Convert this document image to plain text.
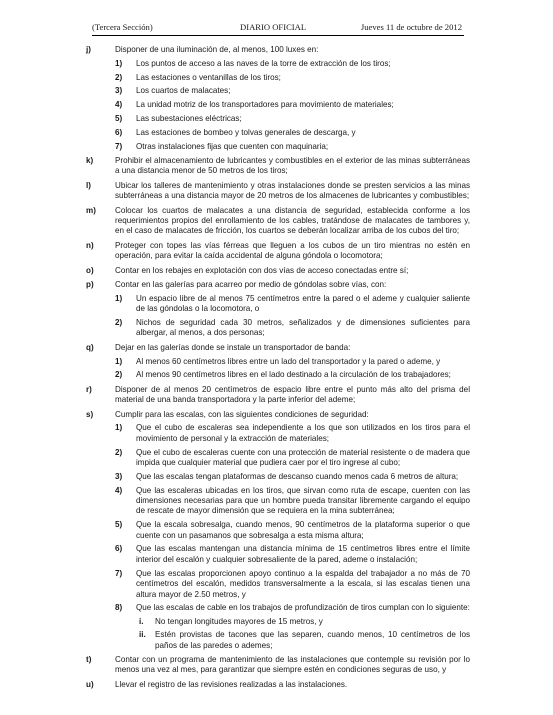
(Tercera Sección)	DIARIO OFICIAL	Jueves 11 de octubre de 2012
j)	Disponer de una iluminación de, al menos, 100 luxes en:
1) Los puntos de acceso a las naves de la torre de extracción de los tiros;
2) Las estaciones o ventanillas de los tiros;
3) Los cuartos de malacates;
4) La unidad motriz de los transportadores para movimiento de materiales;
5) Las subestaciones eléctricas;
6) Las estaciones de bombeo y tolvas generales de descarga, y
7) Otras instalaciones fijas que cuenten con maquinaria;
k)	Prohibir el almacenamiento de lubricantes y combustibles en el exterior de las minas subterráneas a una distancia menor de 50 metros de los tiros;
l)	Ubicar los talleres de mantenimiento y otras instalaciones donde se presten servicios a las minas subterráneas a una distancia mayor de 20 metros de los almacenes de lubricantes y combustibles;
m) Colocar los cuartos de malacates a una distancia de seguridad, establecida conforme a los requerimientos propios del enrollamiento de los cables, tratándose de malacates de tambores y, en el caso de malacates de fricción, los cuartos se deberán localizar arriba de los cubos del tiro;
n)	Proteger con topes las vías férreas que lleguen a los cubos de un tiro mientras no estén en operación, para evitar la caída accidental de alguna góndola o locomotora;
o)	Contar en los rebajes en explotación con dos vías de acceso conectadas entre sí;
p)	Contar en las galerías para acarreo por medio de góndolas sobre vías, con:
1) Un espacio libre de al menos 75 centímetros entre la pared o el ademe y cualquier saliente de las góndolas o la locomotora, o
2) Nichos de seguridad cada 30 metros, señalizados y de dimensiones suficientes para albergar, al menos, a dos personas;
q)	Dejar en las galerías donde se instale un transportador de banda:
1) Al menos 60 centímetros libres entre un lado del transportador y la pared o ademe, y
2) Al menos 90 centímetros libres en el lado destinado a la circulación de los trabajadores;
r)	Disponer de al menos 20 centímetros de espacio libre entre el punto más alto del prisma del material de una banda transportadora y la parte inferior del ademe;
s)	Cumplir para las escalas, con las siguientes condiciones de seguridad:
1) Que el cubo de escaleras sea independiente a los que son utilizados en los tiros para el movimiento de personal y la extracción de materiales;
2) Que el cubo de escaleras cuente con una protección de material resistente o de madera que impida que cualquier material que pudiera caer por el tiro ingrese al cubo;
3) Que las escalas tengan plataformas de descanso cuando menos cada 6 metros de altura;
4) Que las escaleras ubicadas en los tiros, que sirvan como ruta de escape, cuenten con las dimensiones necesarias para que un hombre pueda transitar libremente cargando el equipo de rescate de mayor dimensión que se requiera en la mina subterránea;
5) Que la escala sobresalga, cuando menos, 90 centímetros de la plataforma superior o que cuente con un pasamanos que sobresalga a esta misma altura;
6) Que las escalas mantengan una distancia mínima de 15 centímetros libres entre el límite interior del escalón y cualquier sobresaliente de la pared, ademe o instalación;
7) Que las escalas proporcionen apoyo continuo a la espalda del trabajador a no más de 70 centímetros del escalón, medidos transversalmente a la escala, si las escalas tienen una altura mayor de 2.50 metros, y
8) Que las escalas de cable en los trabajos de profundización de tiros cumplan con lo siguiente:
i. No tengan longitudes mayores de 15 metros, y
ii. Estén provistas de tacones que las separen, cuando menos, 10 centímetros de los paños de las paredes o ademes;
t)	Contar con un programa de mantenimiento de las instalaciones que contemple su revisión por lo menos una vez al mes, para garantizar que siempre estén en condiciones seguras de uso, y
u)	Llevar el registro de las revisiones realizadas a las instalaciones.
